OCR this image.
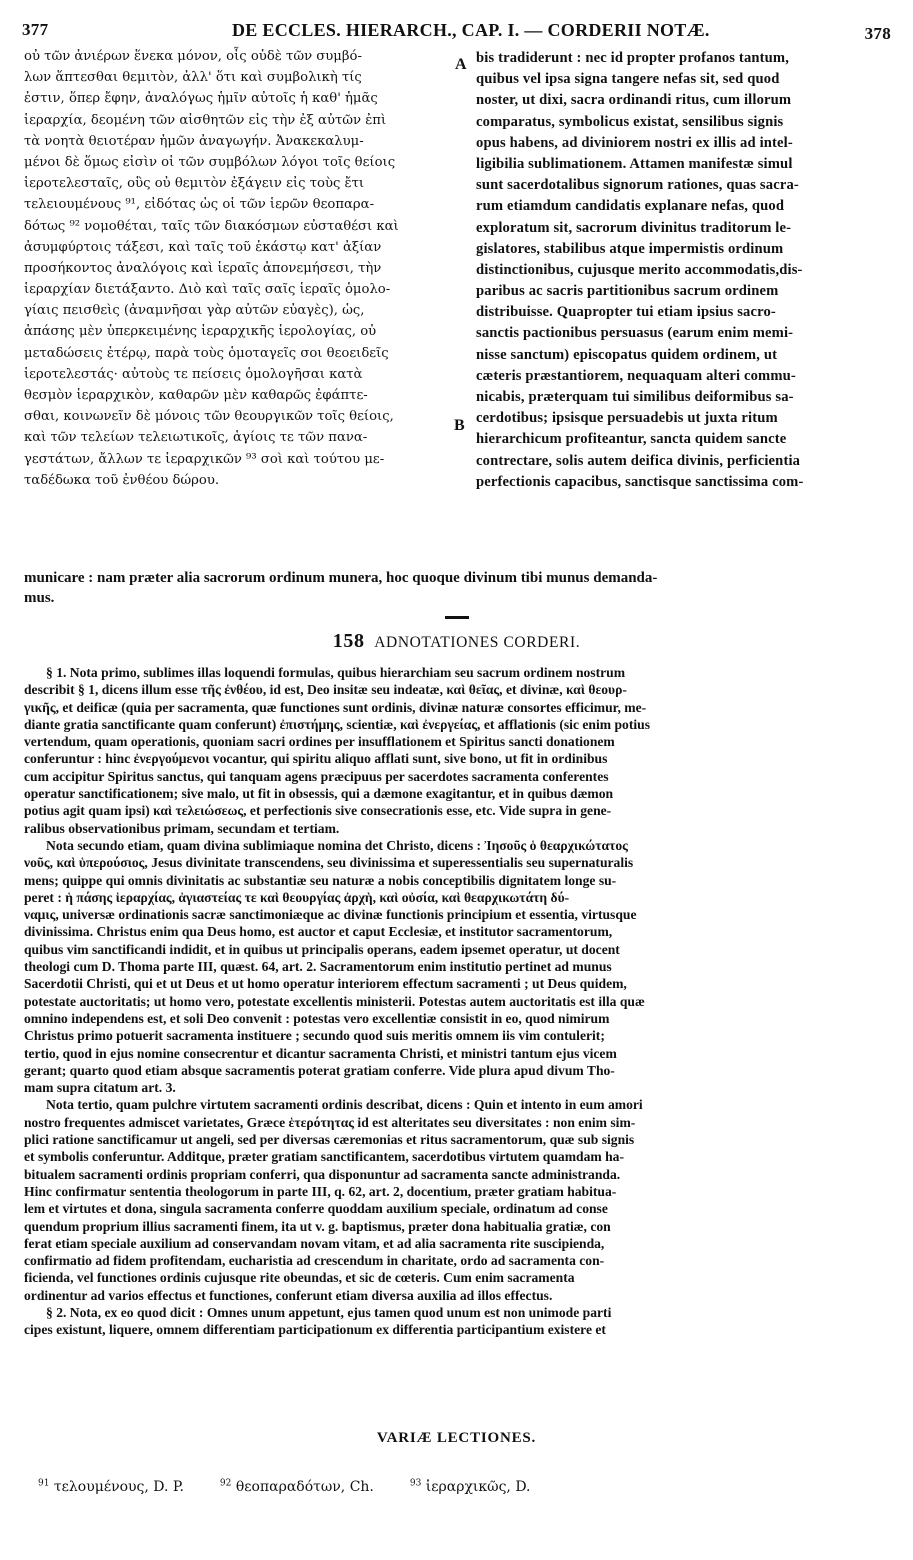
377	DE ECCLES. HIERARCH., CAP. I. — CORDERII NOTÆ.	378
οὐ τῶν ἀνιέρων ἕνεκα μόνον, οἷς οὐδὲ τῶν συμβό-
λων ἅπτεσθαι θεμιτὸν, ἀλλ' ὅτι καὶ συμβολικὴ τίς
ἐστιν, ὅπερ ἔφην, ἀναλόγως ἡμῖν αὐτοῖς ἡ καθ' ἡμᾶς
ἱεραρχία, δεομένη τῶν αἰσθητῶν εἰς τὴν ἐξ αὐτῶν ἐπὶ
τὰ νοητὰ θειοτέραν ἡμῶν ἀναγωγήν. Ἀνακεκαλυμ-
μένοι δὲ ὅμως εἰσὶν οἱ τῶν συμβόλων λόγοι τοῖς θείοις
ἱεροτελεσταῖς, οὓς οὐ θεμιτὸν ἐξάγειν εἰς τοὺς ἔτι
τελειουμένους ⁹¹, εἰδότας ὡς οἱ τῶν ἱερῶν θεοπαρα-
δότως ⁹² νομοθέται, ταῖς τῶν διακόσμων εὐσταθέσι καὶ
ἀσυμφύρτοις τάξεσι, καὶ ταῖς τοῦ ἑκάστῳ κατ' ἀξίαν
προσήκοντος ἀναλόγοις καὶ ἱεραῖς ἀπονεμήσεσι, τὴν
ἱεραρχίαν διετάξαντο. Διὸ καὶ ταῖς σαῖς ἱεραῖς ὁμολο-
γίαις πεισθεὶς (ἀναμνῆσαι γὰρ αὐτῶν εὐαγὲς), ὡς,
ἁπάσης μὲν ὑπερκειμένης ἱεραρχικῆς ἱερολογίας, οὐ
μεταδώσεις ἑτέρῳ, παρὰ τοὺς ὁμοταγεῖς σοι θεοειδεῖς
ἱεροτελεστάς· αὐτοὺς τε πείσεις ὁμολογῆσαι κατὰ
θεσμὸν ἱεραρχικὸν, καθαρῶν μὲν καθαρῶς ἐφάπτε-
σθαι, κοινωνεῖν δὲ μόνοις τῶν θεουργικῶν τοῖς θείοις,
καὶ τῶν τελείων τελειωτικοῖς, ἁγίοις τε τῶν πανα-
γεστάτων, ἄλλων τε ἱεραρχικῶν ⁹³ σοὶ καὶ τούτου με-
ταδέδωκα τοῦ ἐνθέου δώρου.
A
B
bis tradiderunt : nec id propter profanos tantum,
quibus vel ipsa signa tangere nefas sit, sed quod
noster, ut dixi, sacra ordinandi ritus, cum illorum
comparatus, symbolicus existat, sensilibus signis
opus habens, ad diviniorem nostri ex illis ad intel-
ligibilia sublimationem. Attamen manifestæ simul
sunt sacerdotalibus signorum rationes, quas sacra-
rum etiamdum candidatis explanare nefas, quod
exploratum sit, sacrorum divinitus traditorum le-
gislatores, stabilibus atque impermistis ordinum
distinctionibus, cujusque merito accommodatis,dis-
paribus ac sacris partitionibus sacrum ordinem
distribuisse. Quapropter tui etiam ipsius sacro-
sanctis pactionibus persuasus (earum enim memi-
nisse sanctum) episcopatus quidem ordinem, ut
cæteris præstantiorem, nequaquam alteri commu-
nicabis, præterquam tui similibus deiformibus sa-
cerdotibus; ipsisque persuadebis ut juxta ritum
hierarchicum profiteantur, sancta quidem sancte
contrectare, solis autem deifica divinis, perficientia
perfectionis capacibus, sanctisque sanctissima com-
municare : nam præter alia sacrorum ordinum munera, hoc quoque divinum tibi munus demanda-
mus.
158 ADNOTATIONES CORDERI.
§ 1. Nota primo, sublimes illas loquendi formulas, quibus hierarchiam seu sacrum ordinem nostrum
describit § 1, dicens illum esse τῆς ἐνθέου, id est, Deo insitæ seu indeatæ, καὶ θεῖας, et divinæ, καὶ θεουρ-
γικῆς, et deificæ (quia per sacramenta, quæ functiones sunt ordinis, divinæ naturæ consortes efficimur, me-
diante gratia sanctificante quam conferunt) ἐπιστήμης, scientiæ, καὶ ἐνεργείας, et afflationis (sic enim potius
vertendum, quam operationis, quoniam sacri ordines per insufflationem et Spiritus sancti donationem
conferuntur : hinc ἐνεργούμενοι vocantur, qui spiritu aliquo afflati sunt, sive bono, ut fit in ordinibus
cum accipitur Spiritus sanctus, qui tanquam agens præcipuus per sacerdotes sacramenta conferentes
operatur sanctificationem; sive malo, ut fit in obsessis, qui a dæmone exagitantur, et in quibus dæmon
potius agit quam ipsi) καὶ τελειώσεως, et perfectionis sive consecrationis esse, etc. Vide supra in gene-
ralibus observationibus primam, secundam et tertiam.
Nota secundo etiam, quam divina sublimiaque nomina det Christo, dicens : Ἰησοῦς ὁ θεαρχικώτατος
νοῦς, καὶ ὑπερούσιος, Jesus divinitate transcendens, seu divinissima et superessentialis seu supernaturalis
mens; quippe qui omnis divinitatis ac substantiæ seu naturæ a nobis conceptibilis dignitatem longe su-
peret : ἡ πάσης ἱεραρχίας, ἁγιαστείας τε καὶ θεουργίας ἀρχὴ, καὶ οὐσία, καὶ θεαρχικωτάτη δύ-
ναμις, universæ ordinationis sacræ sanctimoniæque ac divinæ functionis principium et essentia, virtusque
divinissima. Christus enim qua Deus homo, est auctor et caput Ecclesiæ, et institutor sacramentorum,
quibus vim sanctificandi indidit, et in quibus ut principalis operans, eadem ipsemet operatur, ut docent
theologi cum D. Thoma parte III, quæst. 64, art. 2. Sacramentorum enim institutio pertinet ad munus
Sacerdotii Christi, qui et ut Deus et ut homo operatur interiorem effectum sacramenti ; ut Deus quidem,
potestate auctoritatis; ut homo vero, potestate excellentis ministerii. Potestas autem auctoritatis est illa quæ
omnino independens est, et soli Deo convenit : potestas vero excellentiæ consistit in eo, quod nimirum
Christus primo potuerit sacramenta instituere ; secundo quod suis meritis omnem iis vim contulerit;
tertio, quod in ejus nomine consecrentur et dicantur sacramenta Christi, et ministri tantum ejus vicem
gerant; quarto quod etiam absque sacramentis poterat gratiam conferre. Vide plura apud divum Tho-
mam supra citatum art. 3.
Nota tertio, quam pulchre virtutem sacramenti ordinis describat, dicens : Quin et intento in eum amori
nostro frequentes admiscet varietates, Græce ἑτερότητας id est alteritates seu diversitates : non enim sim-
plici ratione sanctificamur ut angeli, sed per diversas cæremonias et ritus sacramentorum, quæ sub signis
et symbolis conferuntur. Additque, præter gratiam sanctificantem, sacerdotibus virtutem quamdam ha-
bitualem sacramenti ordinis propriam conferri, qua disponuntur ad sacramenta sancte administranda.
Hinc confirmatur sententia theologorum in parte III, q. 62, art. 2, docentium, præter gratiam habitua-
lem et virtutes et dona, singula sacramenta conferre quoddam auxilium speciale, ordinatum ad conse
quendum proprium illius sacramenti finem, ita ut v. g. baptismus, præter dona habitualia gratiæ, con
ferat etiam speciale auxilium ad conservandam novam vitam, et ad alia sacramenta rite suscipienda,
confirmatio ad fidem profitendam, eucharistia ad crescendum in charitate, ordo ad sacramenta con-
ficienda, vel functiones ordinis cujusque rite obeundas, et sic de cœteris. Cum enim sacramenta
ordinentur ad varios effectus et functiones, conferunt etiam diversa auxilia ad illos effectus.
§ 2. Nota, ex eo quod dicit : Omnes unum appetunt, ejus tamen quod unum est non unimode parti
cipes existunt, liquere, omnem differentiam participationum ex differentia participantium existere et
VARIÆ LECTIONES.
$^{91}$ τελουμένους, D. P.	$^{92}$ θεοπαραδότων, Ch.	$^{93}$ ἱεραρχικῶς, D.
